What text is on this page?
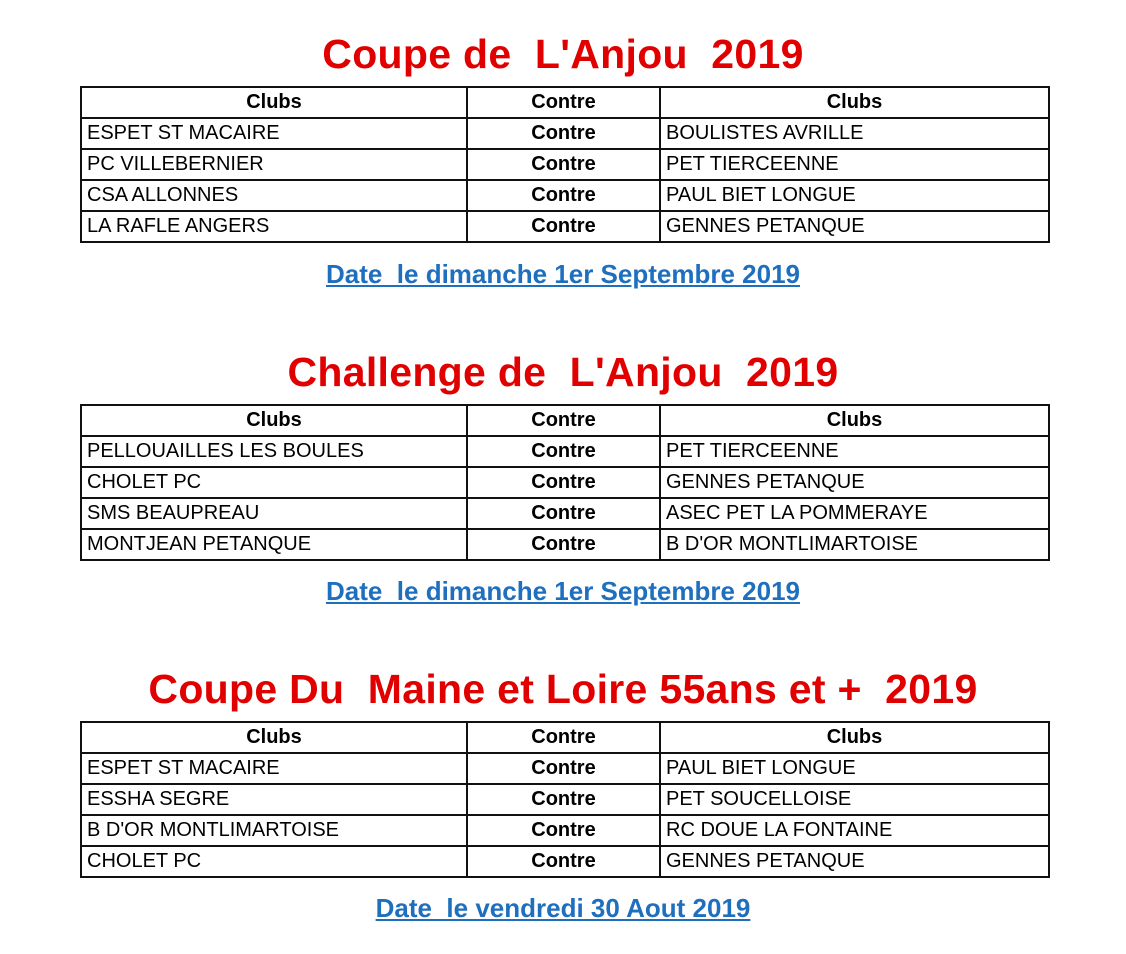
Coupe de  L'Anjou  2019
Clubs	Contre	Clubs
ESPET ST MACAIRE	Contre	BOULISTES AVRILLE
PC VILLEBERNIER	Contre	PET TIERCEENNE
CSA ALLONNES	Contre	PAUL BIET LONGUE
LA RAFLE ANGERS	Contre	GENNES PETANQUE
Date  le dimanche 1er Septembre 2019
Challenge de  L'Anjou  2019
Clubs	Contre	Clubs
PELLOUAILLES LES BOULES	Contre	PET TIERCEENNE
CHOLET PC	Contre	GENNES PETANQUE
SMS BEAUPREAU	Contre	ASEC PET LA POMMERAYE
MONTJEAN PETANQUE	Contre	B D'OR MONTLIMARTOISE
Date  le dimanche 1er Septembre 2019
Coupe Du  Maine et Loire 55ans et +  2019
Clubs	Contre	Clubs
ESPET ST MACAIRE	Contre	PAUL BIET LONGUE
ESSHA SEGRE	Contre	PET SOUCELLOISE
B D'OR MONTLIMARTOISE	Contre	RC DOUE LA FONTAINE
CHOLET PC	Contre	GENNES PETANQUE
Date  le vendredi 30 Aout 2019
